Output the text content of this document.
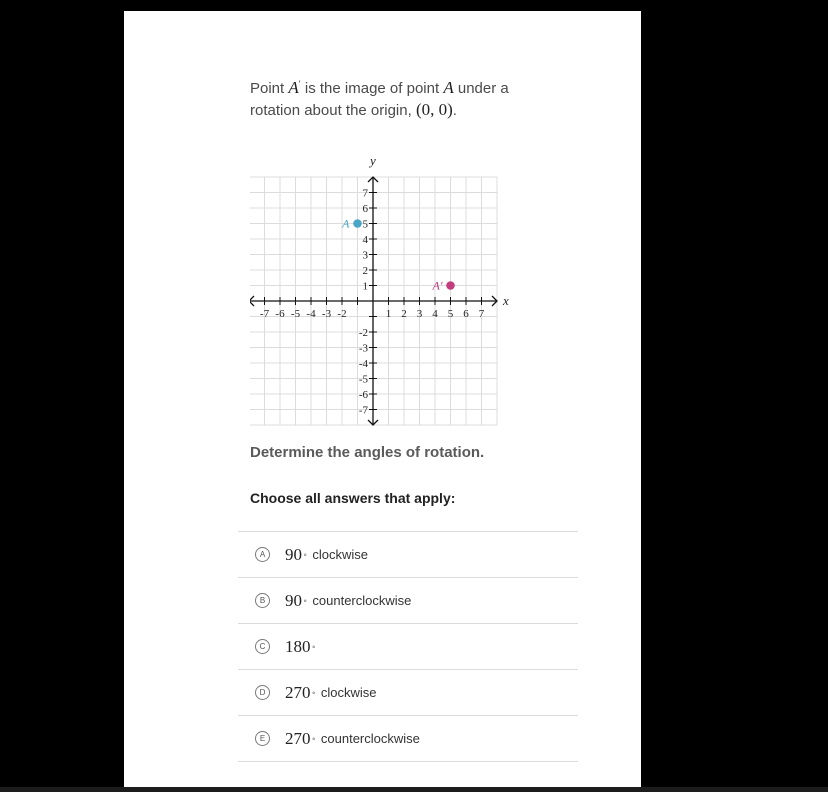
Point A′ is the image of point A under a rotation about the origin, (0, 0).
-7 -6 -5 -4 -3 -2	1 2 3 4 5 6 7
7
6
5
4
3
2
1
-2
-3
-4
-5
-6
-7
x
y
A
A′
Determine the angles of rotation.
Choose all answers that apply:
A 90 ∘ clockwise
B 90 ∘ counterclockwise
C 180 ∘
D 270 ∘ clockwise
E 270 ∘ counterclockwise
